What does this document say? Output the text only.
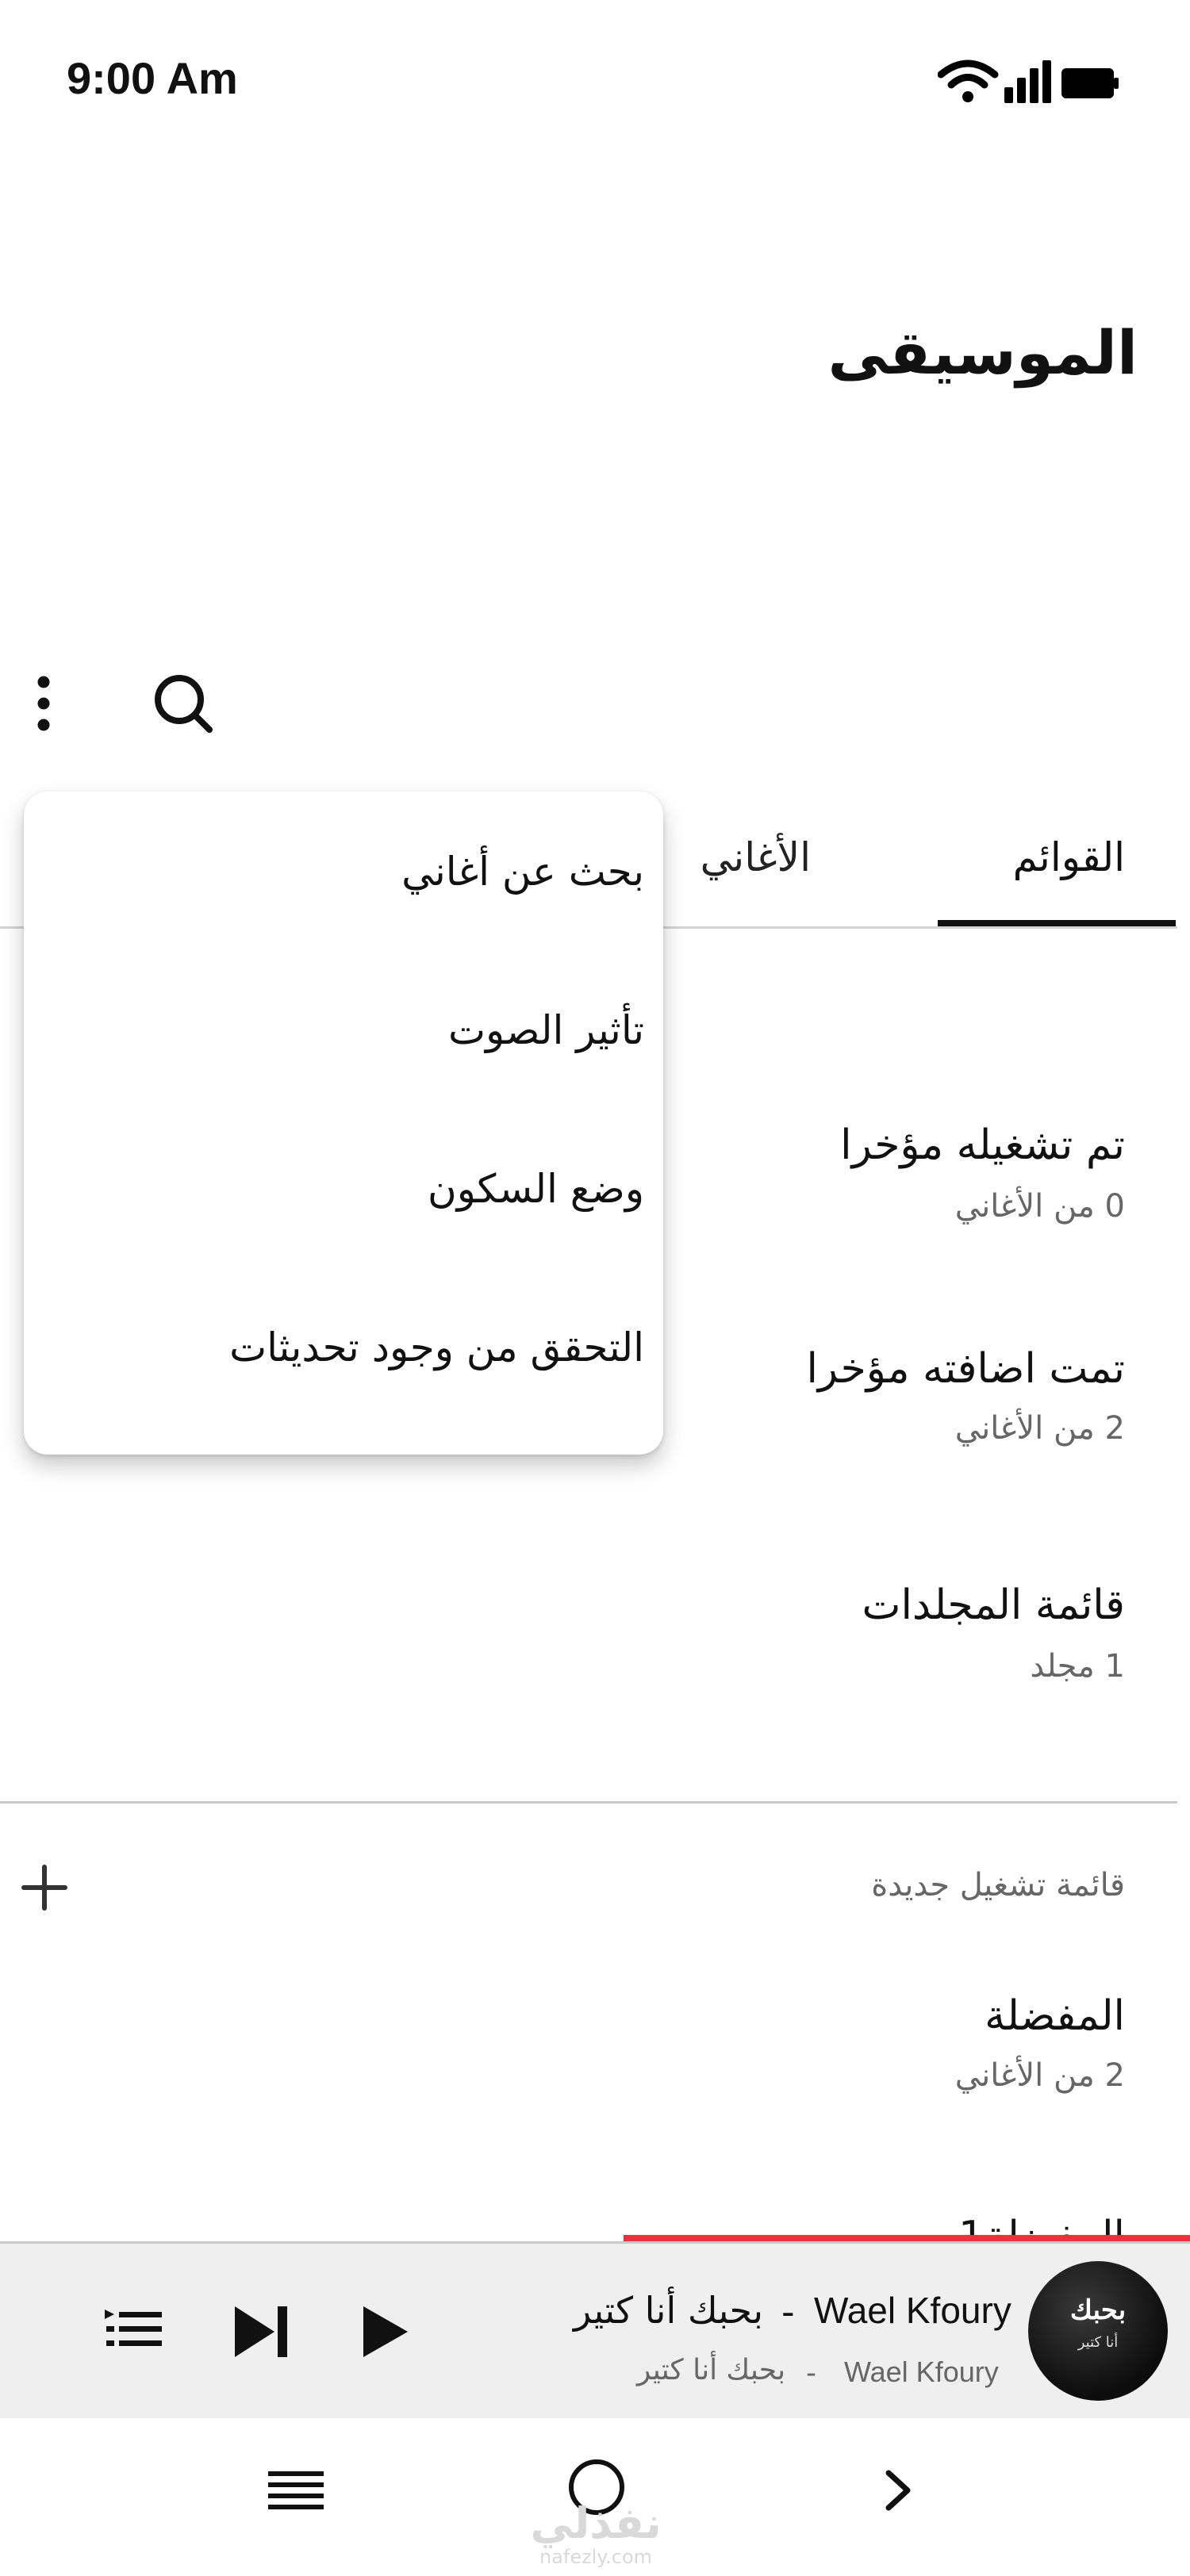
9:00 Am
الموسيقى
القوائم
الأغاني
تم تشغيله مؤخرا
0 من الأغاني
تمت اضافته مؤخرا
2 من الأغاني
قائمة المجلدات
1 مجلد
قائمة تشغيل جديدة
المفضلة
2 من الأغاني
بحث عن أغاني
تأثير الصوت
وضع السكون
التحقق من وجود تحديثات
بحبك
أنا كتير
Wael Kfoury
-
بحبك أنا كتير
Wael Kfoury
-
بحبك أنا كتير
نفذلي
nafezly.com
